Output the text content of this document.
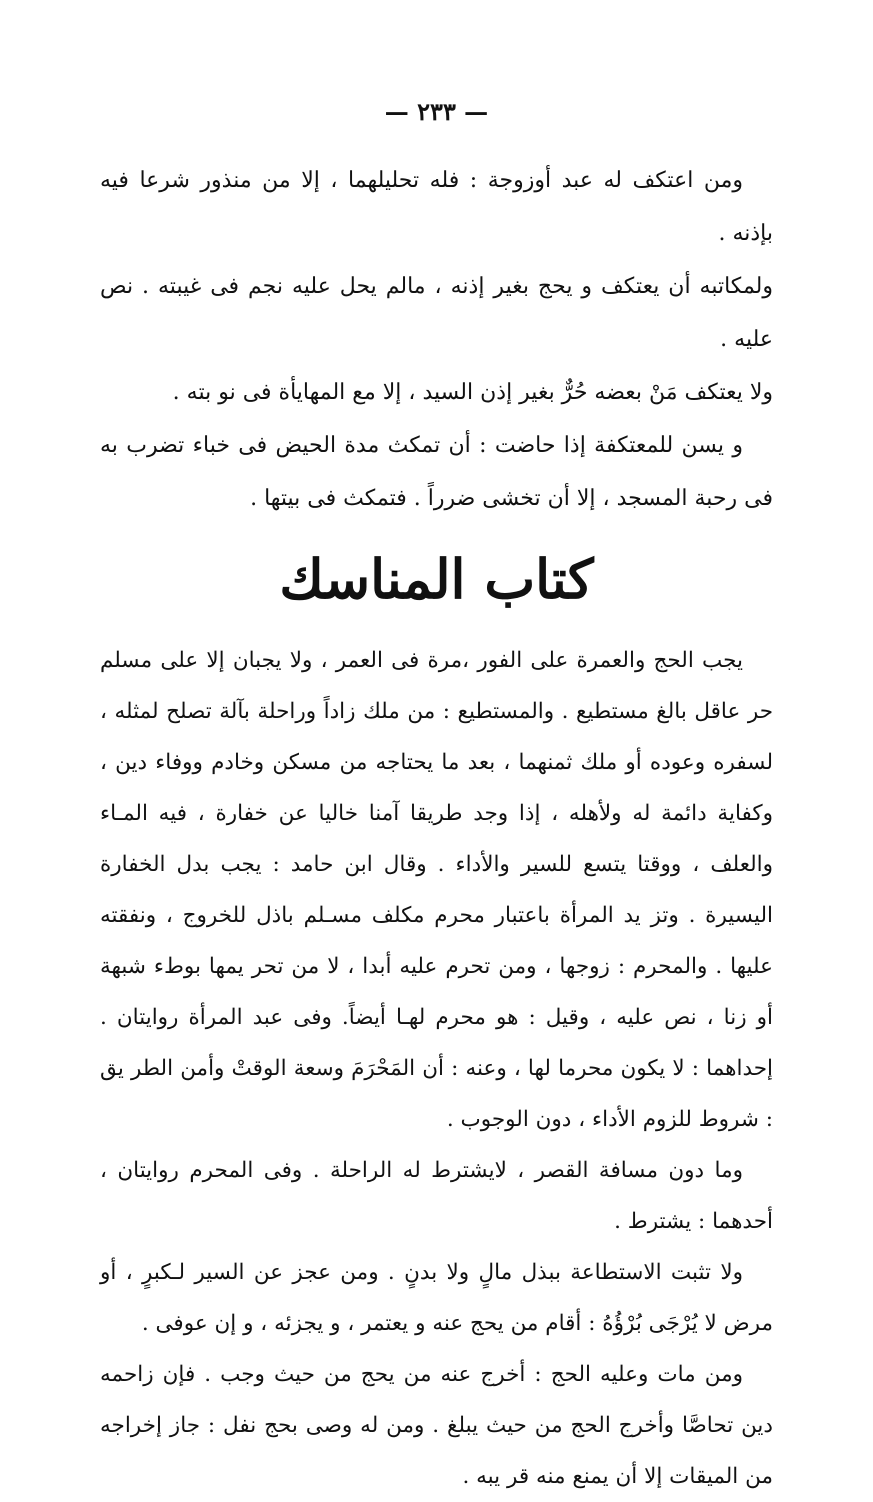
— ٢٣٣ —

ومن اعتكف له عبد أوزوجة : فله تحليلهما ، إلا من منذور شرعا فيه بإذنه .

ولمكاتبه أن يعتكف و يحج بغير إذنه ، مالم يحل عليه نجم فى غيبته . نص عليه .

ولا يعتكف مَنْ بعضه حُرٌّ بغير إذن السيد ، إلا مع المهايأة فى نو بته .

و يسن للمعتكفة إذا حاضت : أن تمكث مدة الحيض فى خباء تضرب به فى رحبة المسجد ، إلا أن تخشى ضرراً . فتمكث فى بيتها .

كتاب المناسك

يجب الحج والعمرة على الفور ،مرة فى العمر ، ولا يجبان إلا على مسلم حر عاقل بالغ مستطيع . والمستطيع : من ملك زاداً وراحلة بآلة تصلح لمثله ، لسفره وعوده أو ملك ثمنهما ، بعد ما يحتاجه من مسكن وخادم ووفاء دين ، وكفاية دائمة له ولأهله ، إذا وجد طريقا آمنا خاليا عن خفارة ، فيه المـاء والعلف ، ووقتا يتسع للسير والأداء . وقال ابن حامد : يجب بدل الخفارة اليسيرة . وتز يد المرأة باعتبار محرم مكلف مسـلم باذل للخروج ، ونفقته عليها . والمحرم : زوجها ، ومن تحرم عليه أبدا ، لا من تحر يمها بوطء شبهة أو زنا ، نص عليه ، وقيل : هو محرم لهـا أيضاً. وفى عبد المرأة روايتان . إحداهما : لا يكون محرما لها ، وعنه : أن المَحْرَمَ وسعة الوقتْ وأمن الطر يق : شروط للزوم الأداء ، دون الوجوب .

وما دون مسافة القصر ، لايشترط له الراحلة . وفى المحرم روايتان ، أحدهما : يشترط .

ولا تثبت الاستطاعة ببذل مالٍ ولا بدنٍ . ومن عجز عن السير لـكبرٍ ، أو مرض لا يُرْجَى بُرْؤُهُ : أقام من يحج عنه و يعتمر ، و يجزئه ، و إن عوفى .

ومن مات وعليه الحج : أخرج عنه من يحج من حيث وجب . فإن زاحمه دين تحاصَّا وأخرج الحج من حيث يبلغ . ومن له وصى بحج نفل : جاز إخراجه من الميقات إلا أن يمنع منه قر يبه .
